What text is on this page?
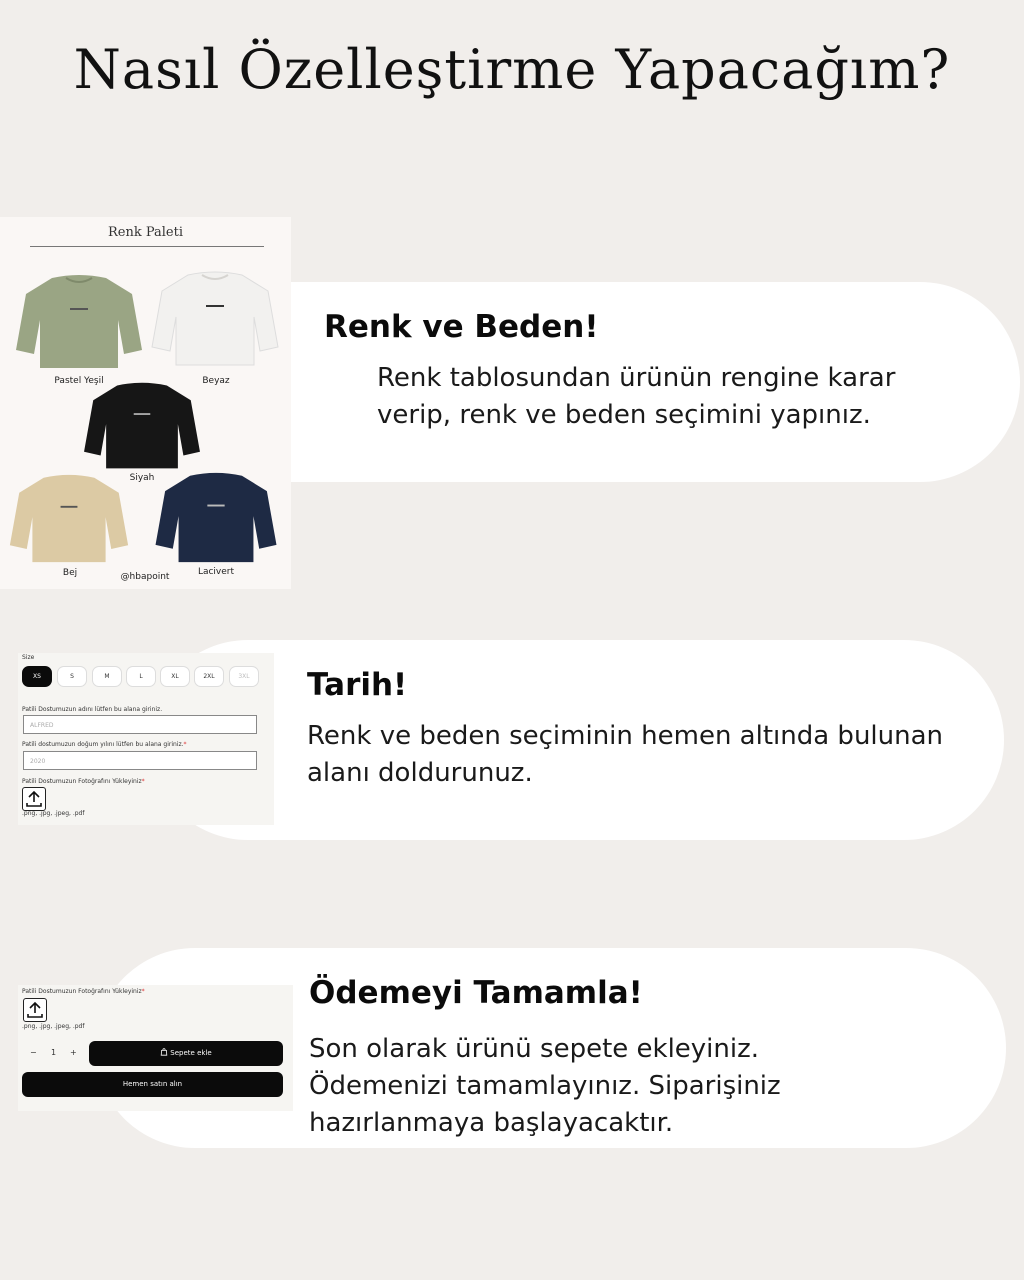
Nasıl Özelleştirme Yapacağım?
Renk ve Beden!
Renk tablosundan ürünün rengine karar
verip, renk ve beden seçimini yapınız.
Renk Paleti
Pastel Yeşil	Beyaz
Siyah
Bej	Lacivert
@hbapoint
Tarih!
Renk ve beden seçiminin hemen altında bulunan
alanı doldurunuz.
Size
XS	S	M	L	XL	2XL	3XL
Patili Dostumuzun adını lütfen bu alana giriniz.
ALFRED
Patili dostumuzun doğum yılını lütfen bu alana giriniz.*
2020
Patili Dostumuzun Fotoğrafını Yükleyiniz*
.png, .jpg, .jpeg, .pdf
Ödemeyi Tamamla!
Son olarak ürünü sepete ekleyiniz.
Ödemenizi tamamlayınız. Siparişiniz
hazırlanmaya başlayacaktır.
Patili Dostumuzun Fotoğrafını Yükleyiniz*
.png, .jpg, .jpeg, .pdf
− 1 +	Sepete ekle
Hemen satın alın
